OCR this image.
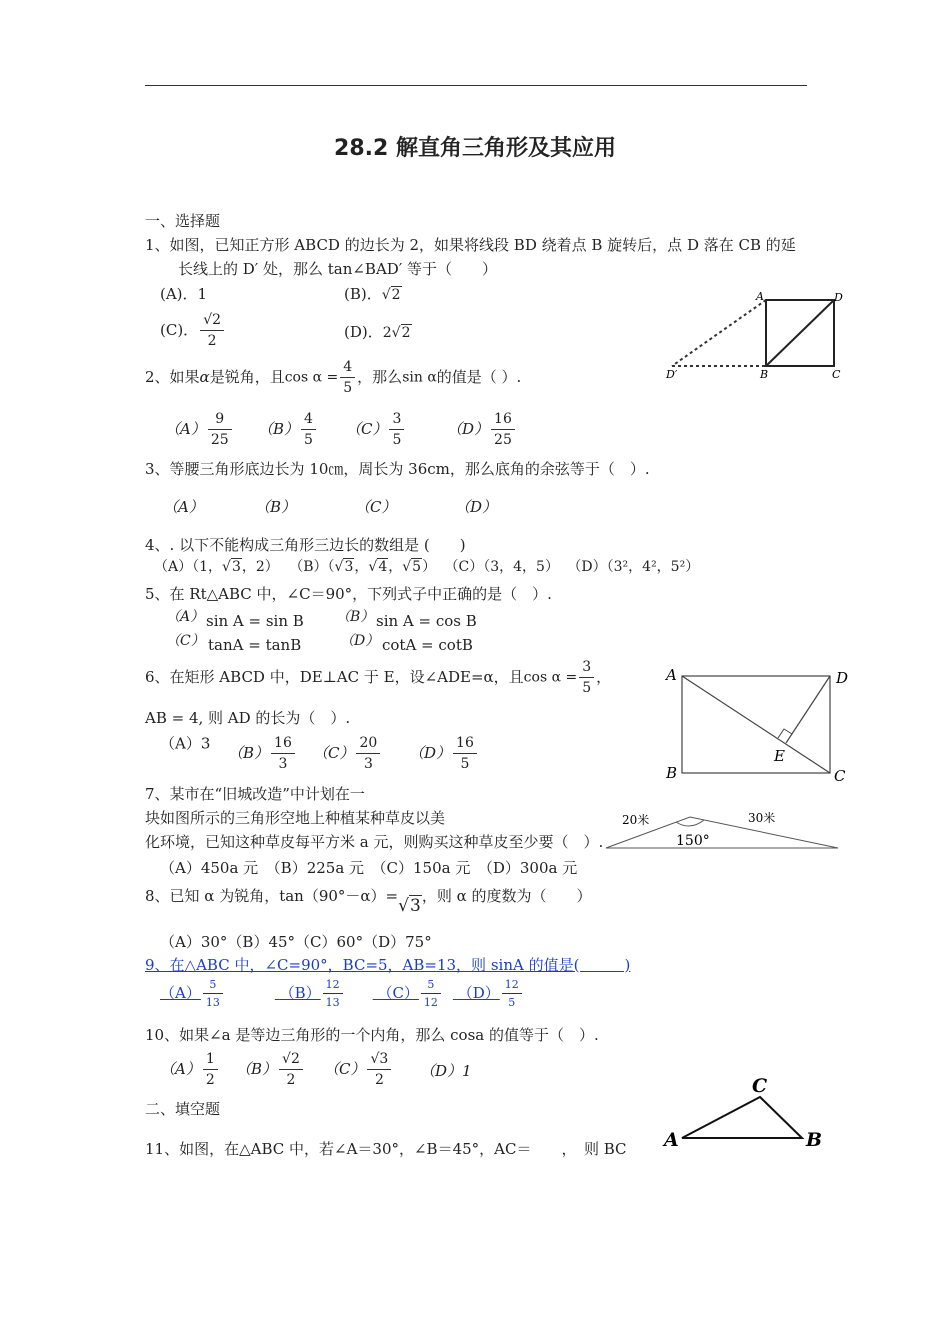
28.2 解直角三角形及其应用
一、选择题
1、如图，已知正方形 ABCD 的边长为 2，如果将线段 BD 绕着点 B 旋转后，点 D 落在 CB 的延
长线上的 D′ 处，那么 tan∠BAD′ 等于（　　）
(A)．1	(B)．√2
(C)． $\frac{√2}{2}$	(D)．2√2
A	D
D′	B	C
2、如果α是锐角，且$\cos \alpha = \frac{4}{5}$ ，那么sin α的值是（ ）.
$(A) \frac{9}{25} (B) \frac{4}{5} (C) \frac{3}{5}$	$(D) \frac{16}{25}$
3、等腰三角形底边长为 10㎝，周长为 36cm，那么底角的余弦等于（　）.
（A）	（B）	（C）	（D）
4、. 以下不能构成三角形三边长的数组是 (　　)
（A）（1，√3，2） （B）（√3，√4，√5） （C）（3，4，5） （D）（3²，4²，5²）
5、在 Rt△ABC 中，∠C＝90°，下列式子中正确的是（　）.
（A） sin A = sin B （B） sin A = cos B
（C） tanA = tanB	（D） cotA = cotB
6、在矩形 ABCD 中，DE⊥AC 于 E，设∠ADE=α，且$\cos \alpha = \frac{3}{5}$ ，
AB = 4, 则 AD 的长为（　）.
（A）3
$(B) \frac{16}{3} (C) \frac{20}{3} (D) \frac{16}{5}$
A	D
E
B	C
7、某市在“旧城改造”中计划在一
块如图所示的三角形空地上种植某种草皮以美
化环境，已知这种草皮每平方米 a 元，则购买这种草皮至少要（　）.
（A）450a 元　（B）225a 元　（C）150a 元　（D）300a 元
20米	30米
150°
8、已知 α 为锐角，tan（90°－α）=√3，则 α 的度数为（　　）
（A）30°（B）45°（C）60°（D）75°
9、在△ABC 中，∠C=90°，BC=5，AB=13，则 sinA 的值是(　　　)
$(A) \frac{5}{13}$	$(B) \frac{12}{13} (C) \frac{5}{12} (D) \frac{12}{5}$
10、如果∠a 是等边三角形的一个内角，那么 cosa 的值等于（　）.
$(A) \frac{1}{2} (B) \frac{√2}{2} (C) \frac{√3}{2} (D)1$
二、填空题
11、如图，在△ABC 中，若∠A＝30°，∠B＝45°，AC＝　　，　则 BC
C
A	B
